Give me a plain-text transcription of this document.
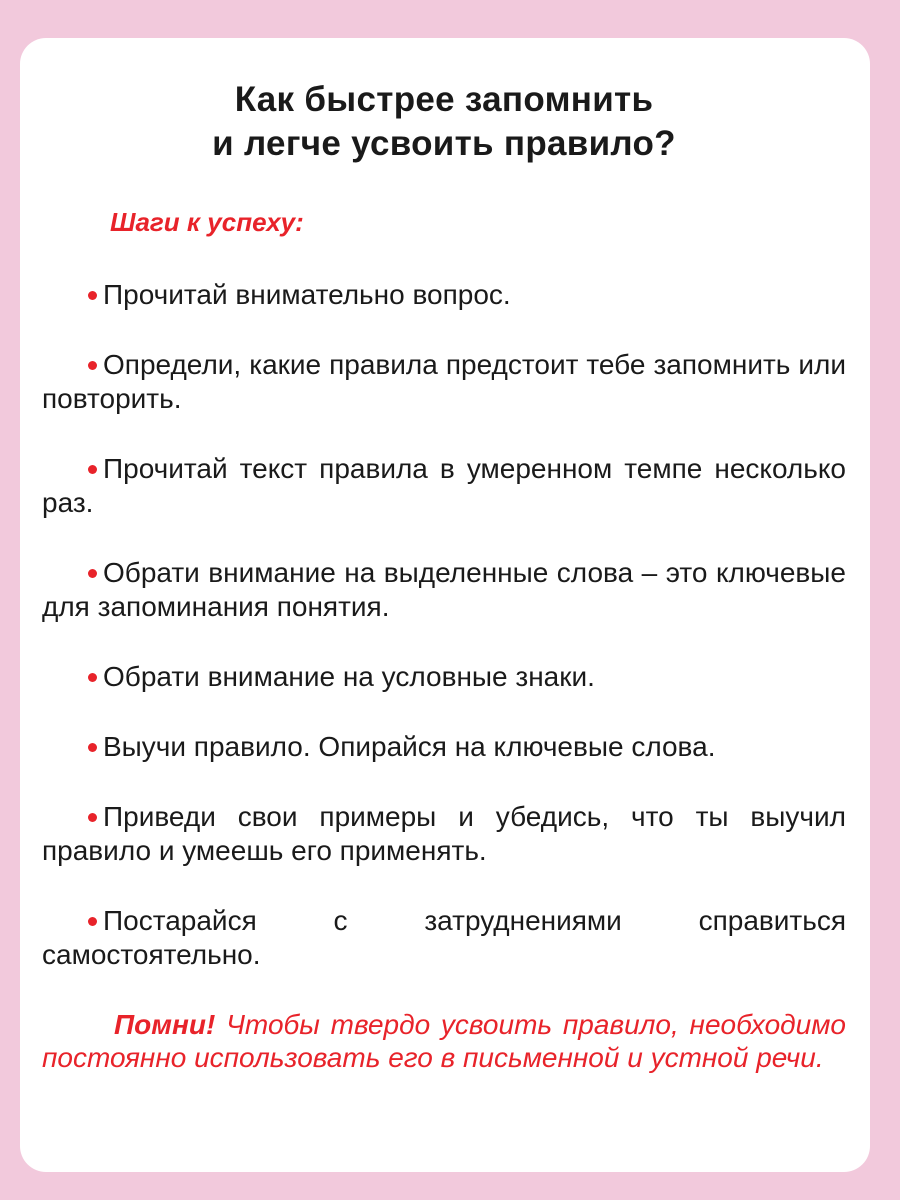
Как быстрее запомнить
и легче усвоить правило?
Шаги к успеху:
Прочитай внимательно вопрос.
Определи, какие правила предстоит тебе запомнить или повторить.
Прочитай текст правила в умеренном темпе несколько раз.
Обрати внимание на выделенные слова – это ключевые для запоминания понятия.
Обрати внимание на условные знаки.
Выучи правило. Опирайся на ключевые слова.
Приведи свои примеры и убедись, что ты выучил правило и умеешь его применять.
Постарайся с затруднениями справиться самостоятельно.

Помни! Чтобы твердо усвоить правило, необходимо постоянно использовать его в письменной и устной речи.
